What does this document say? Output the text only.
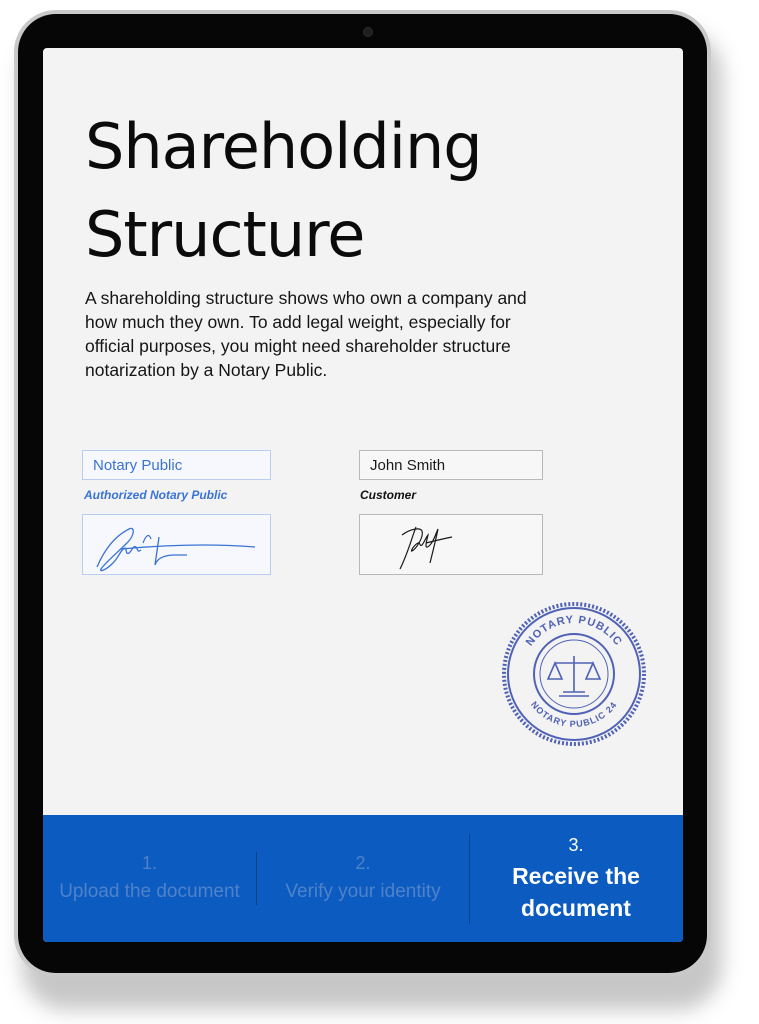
Shareholding
Structure

A shareholding structure shows who own a company and how much they own. To add legal weight, especially for official purposes, you might need shareholder structure notarization by a Notary Public.

Notary Public
Authorized Notary Public
John Smith
Customer
NOTARY PUBLIC
NOTARY PUBLIC 24
1.
Upload the document
2.
Verify your identity
3.
Receive the document
